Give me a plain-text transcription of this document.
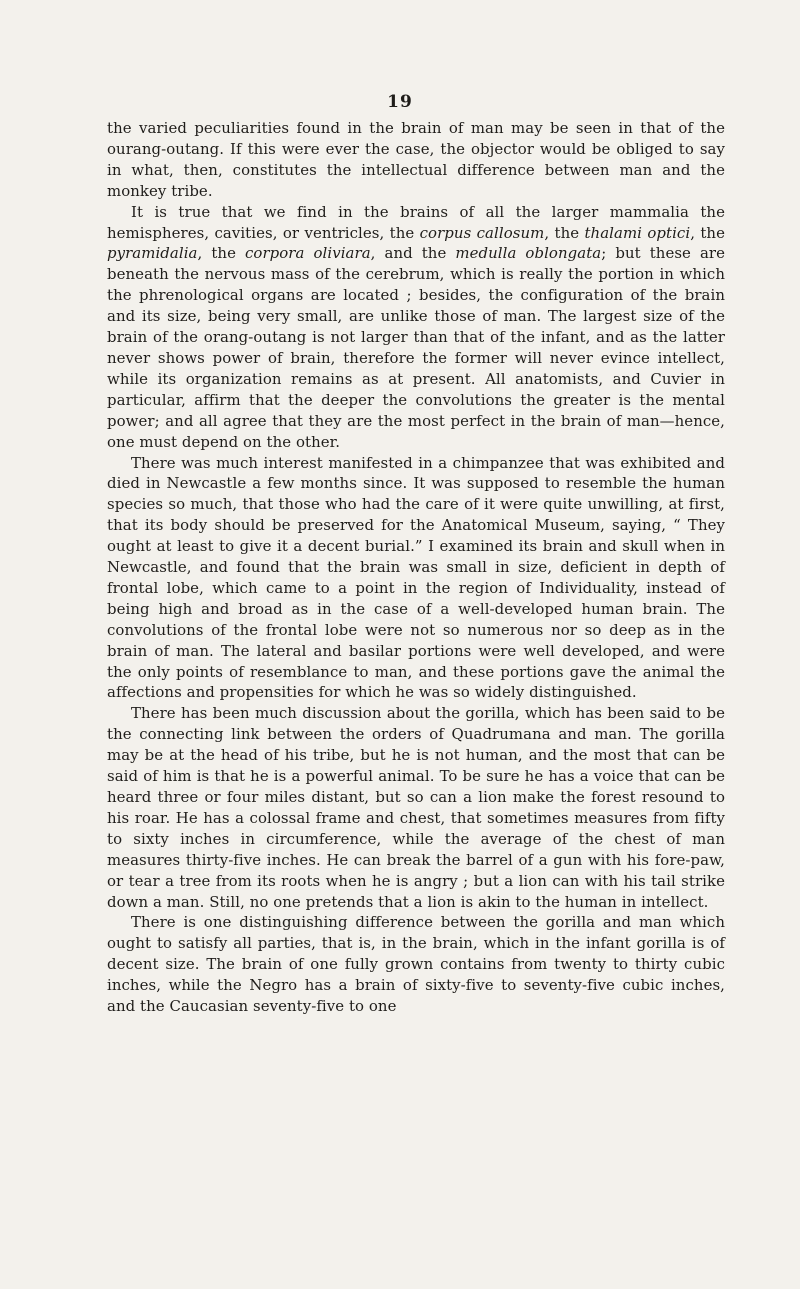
19

the varied peculiarities found in the brain of man may be seen in that of the ourang-outang. If this were ever the case, the objector would be obliged to say in what, then, constitutes the intellectual difference between man and the monkey tribe.

It is true that we find in the brains of all the larger mammalia the hemispheres, cavities, or ventricles, the corpus callosum, the thalami optici, the pyramidalia, the corpora oliviara, and the medulla oblongata; but these are beneath the nervous mass of the cerebrum, which is really the portion in which the phrenological organs are located ; besides, the configuration of the brain and its size, being very small, are unlike those of man. The largest size of the brain of the orang-outang is not larger than that of the infant, and as the latter never shows power of brain, therefore the former will never evince intellect, while its organization remains as at present. All anatomists, and Cuvier in particular, affirm that the deeper the convolutions the greater is the mental power; and all agree that they are the most perfect in the brain of man—hence, one must depend on the other.

There was much interest manifested in a chimpanzee that was exhibited and died in Newcastle a few months since. It was supposed to resemble the human species so much, that those who had the care of it were quite unwilling, at first, that its body should be preserved for the Anatomical Museum, saying, “ They ought at least to give it a decent burial.” I examined its brain and skull when in Newcastle, and found that the brain was small in size, deficient in depth of frontal lobe, which came to a point in the region of Individuality, instead of being high and broad as in the case of a well-developed human brain. The convolutions of the frontal lobe were not so numerous nor so deep as in the brain of man. The lateral and basilar portions were well developed, and were the only points of resemblance to man, and these portions gave the animal the affections and propensities for which he was so widely distinguished.

There has been much discussion about the gorilla, which has been said to be the connecting link between the orders of Quadrumana and man. The gorilla may be at the head of his tribe, but he is not human, and the most that can be said of him is that he is a powerful animal. To be sure he has a voice that can be heard three or four miles distant, but so can a lion make the forest resound to his roar. He has a colossal frame and chest, that sometimes measures from fifty to sixty inches in circumference, while the average of the chest of man measures thirty-five inches. He can break the barrel of a gun with his fore-paw, or tear a tree from its roots when he is angry ; but a lion can with his tail strike down a man. Still, no one pretends that a lion is akin to the human in intellect.

There is one distinguishing difference between the gorilla and man which ought to satisfy all parties, that is, in the brain, which in the infant gorilla is of decent size. The brain of one fully grown contains from twenty to thirty cubic inches, while the Negro has a brain of sixty-five to seventy-five cubic inches, and the Caucasian seventy-five to one
